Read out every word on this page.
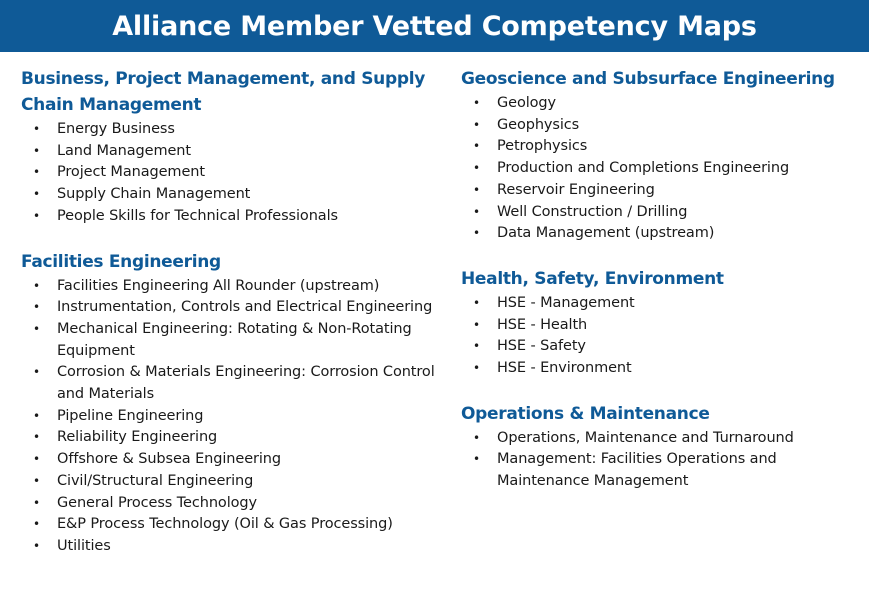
Alliance Member Vetted Competency Maps
Business, Project Management, and Supply Chain Management
• Energy Business
• Land Management
• Project Management
• Supply Chain Management
• People Skills for Technical Professionals
Facilities Engineering
• Facilities Engineering All Rounder (upstream)
• Instrumentation, Controls and Electrical Engineering
• Mechanical Engineering: Rotating & Non-Rotating Equipment
• Corrosion & Materials Engineering: Corrosion Control and Materials
• Pipeline Engineering
• Reliability Engineering
• Offshore & Subsea Engineering
• Civil/Structural Engineering
• General Process Technology
• E&P Process Technology (Oil & Gas Processing)
• Utilities
Geoscience and Subsurface Engineering
• Geology
• Geophysics
• Petrophysics
• Production and Completions Engineering
• Reservoir Engineering
• Well Construction / Drilling
• Data Management (upstream)
Health, Safety, Environment
• HSE - Management
• HSE - Health
• HSE - Safety
• HSE - Environment
Operations & Maintenance
• Operations, Maintenance and Turnaround
• Management: Facilities Operations and Maintenance Management
